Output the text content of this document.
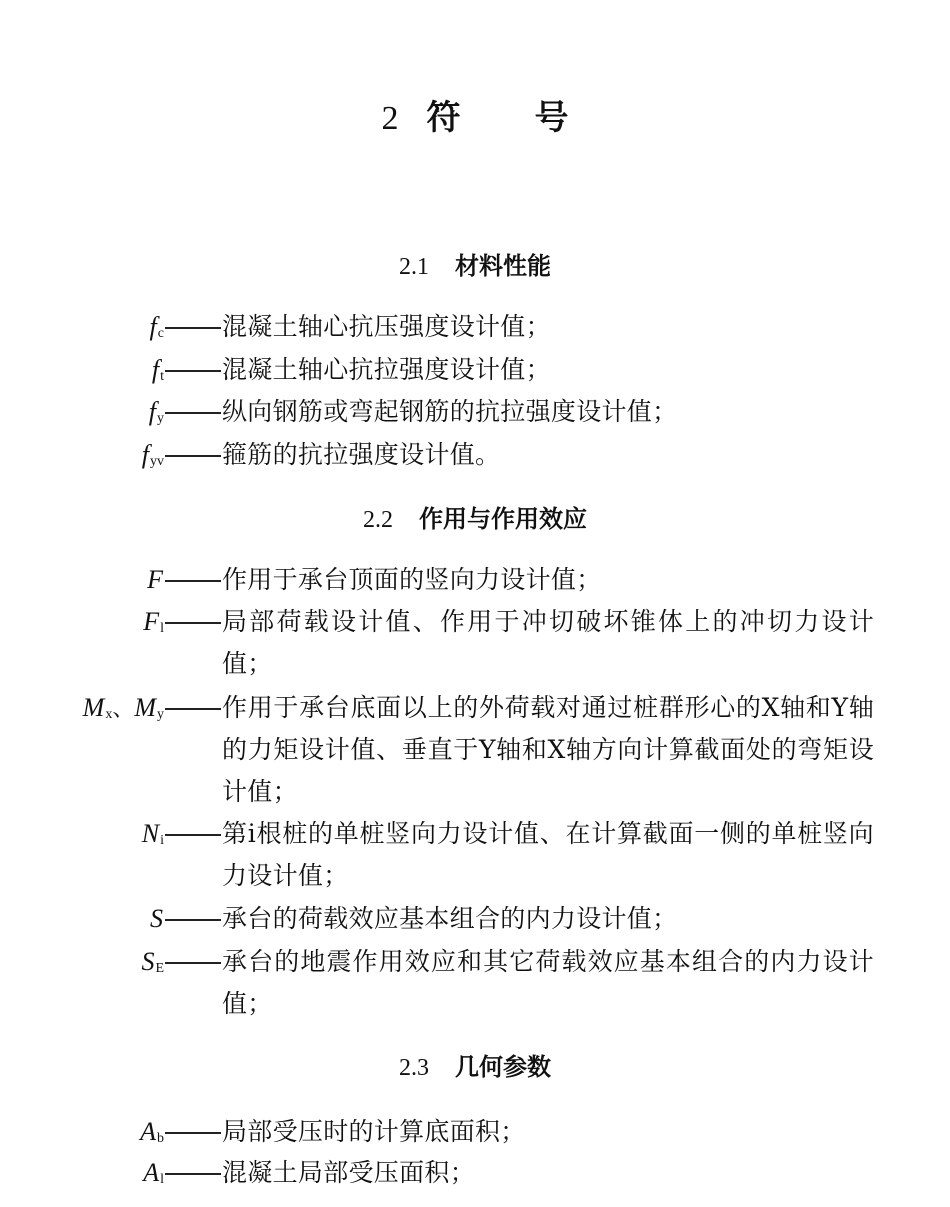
2 符 号
2.1 材料性能
$f_c$ 混凝土轴心抗压强度设计值；
$f_t$ 混凝土轴心抗拉强度设计值；
$f_y$ 纵向钢筋或弯起钢筋的抗拉强度设计值；
$f_{yv}$ 箍筋的抗拉强度设计值。
2.2 作用与作用效应
F 作用于承台顶面的竖向力设计值；
$F_l$ 局部荷载设计值、作用于冲切破坏锥体上的冲切力设计值；
$M_x$、$M_y$ 作用于承台底面以上的外荷载对通过桩群形心的X轴和Y轴的力矩设计值、垂直于Y轴和X轴方向计算截面处的弯矩设计值；
$N_i$ 第i根桩的单桩竖向力设计值、在计算截面一侧的单桩竖向力设计值；
S 承台的荷载效应基本组合的内力设计值；
$S_E$ 承台的地震作用效应和其它荷载效应基本组合的内力设计值；
2.3 几何参数
$A_b$ 局部受压时的计算底面积；
$A_l$ 混凝土局部受压面积；
